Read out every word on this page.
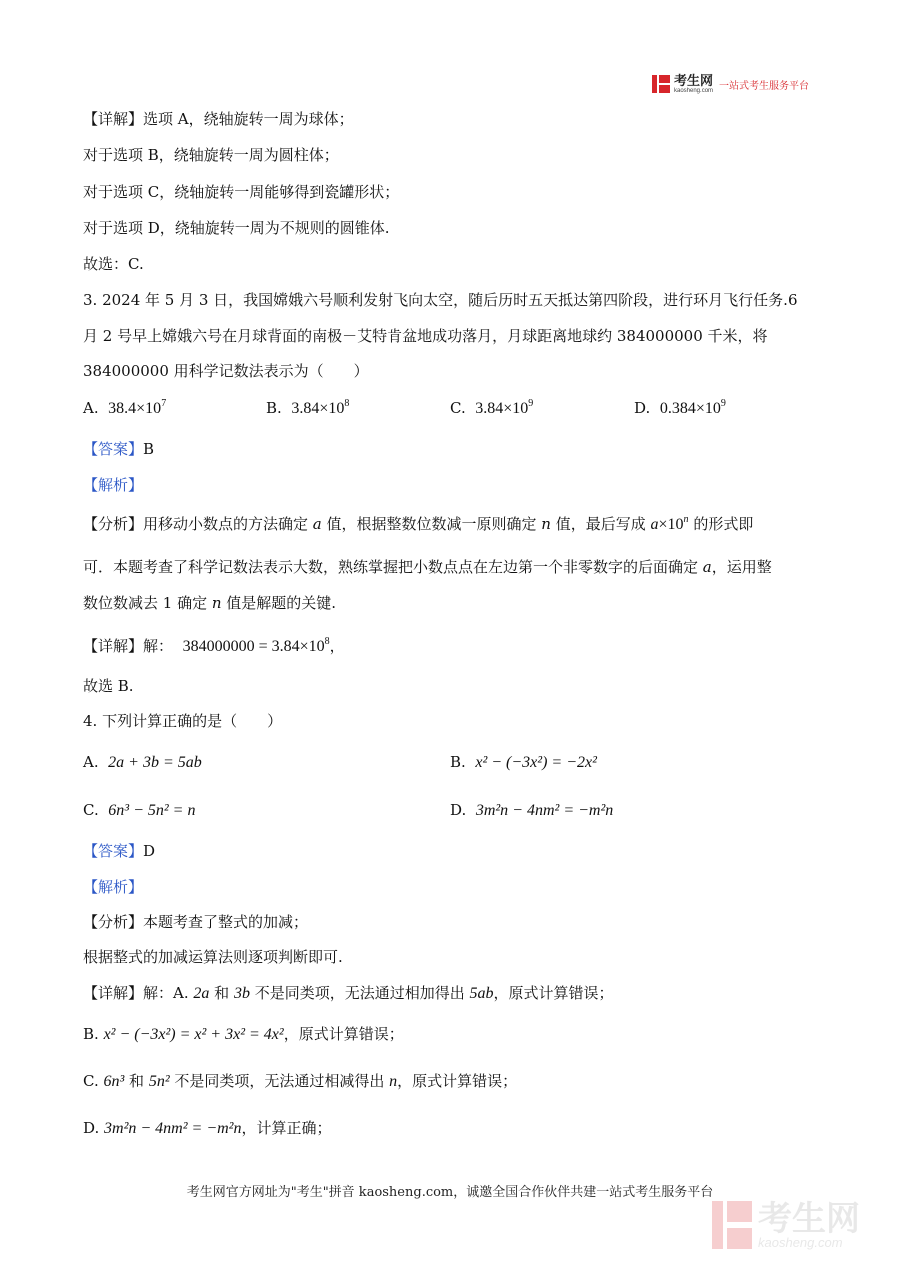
考生网
kaosheng.com 一站式考生服务平台
【详解】选项 A，绕轴旋转一周为球体；
对于选项 B，绕轴旋转一周为圆柱体；
对于选项 C，绕轴旋转一周能够得到瓷罐形状；
对于选项 D，绕轴旋转一周为不规则的圆锥体.
故选：C.
3. 2024 年 5 月 3 日，我国嫦娥六号顺利发射飞向太空，随后历时五天抵达第四阶段，进行环月飞行任务.6
月 2 号早上嫦娥六号在月球背面的南极－艾特肯盆地成功落月，月球距离地球约 384000000 千米，将
384000000 用科学记数法表示为（　　）
A. $38.4\times 10^7$	B. $3.84\times 10^8$	C. $3.84\times 10^9$	D. $0.384\times 10^9$
【答案】B
【解析】
【分析】用移动小数点的方法确定 a 值，根据整数位数减一原则确定 n 值，最后写成 $a\times 10^n$ 的形式即
可．本题考查了科学记数法表示大数，熟练掌握把小数点点在左边第一个非零数字的后面确定 a，运用整
数位数减去 1 确定 n 值是解题的关键.
【详解】解： $384000000 = 3.84\times 10^8$，
故选 B.
4. 下列计算正确的是（　　）
A. 2a + 3b = 5ab	B. x² − (−3x²) = −2x²
C. 6n³ − 5n² = n	D. 3m²n − 4nm² = −m²n
【答案】D
【解析】
【分析】本题考查了整式的加减；
根据整式的加减运算法则逐项判断即可.
【详解】解：A. 2a 和 3b 不是同类项，无法通过相加得出 5ab，原式计算错误；
B. x² − (−3x²) = x² + 3x² = 4x²，原式计算错误；
C. 6n³ 和 5n² 不是同类项，无法通过相减得出 n，原式计算错误；
D. 3m²n − 4nm² = −m²n，计算正确；
考生网官方网址为"考生"拼音 kaosheng.com，诚邀全国合作伙伴共建一站式考生服务平台
考生网
kaosheng.com
